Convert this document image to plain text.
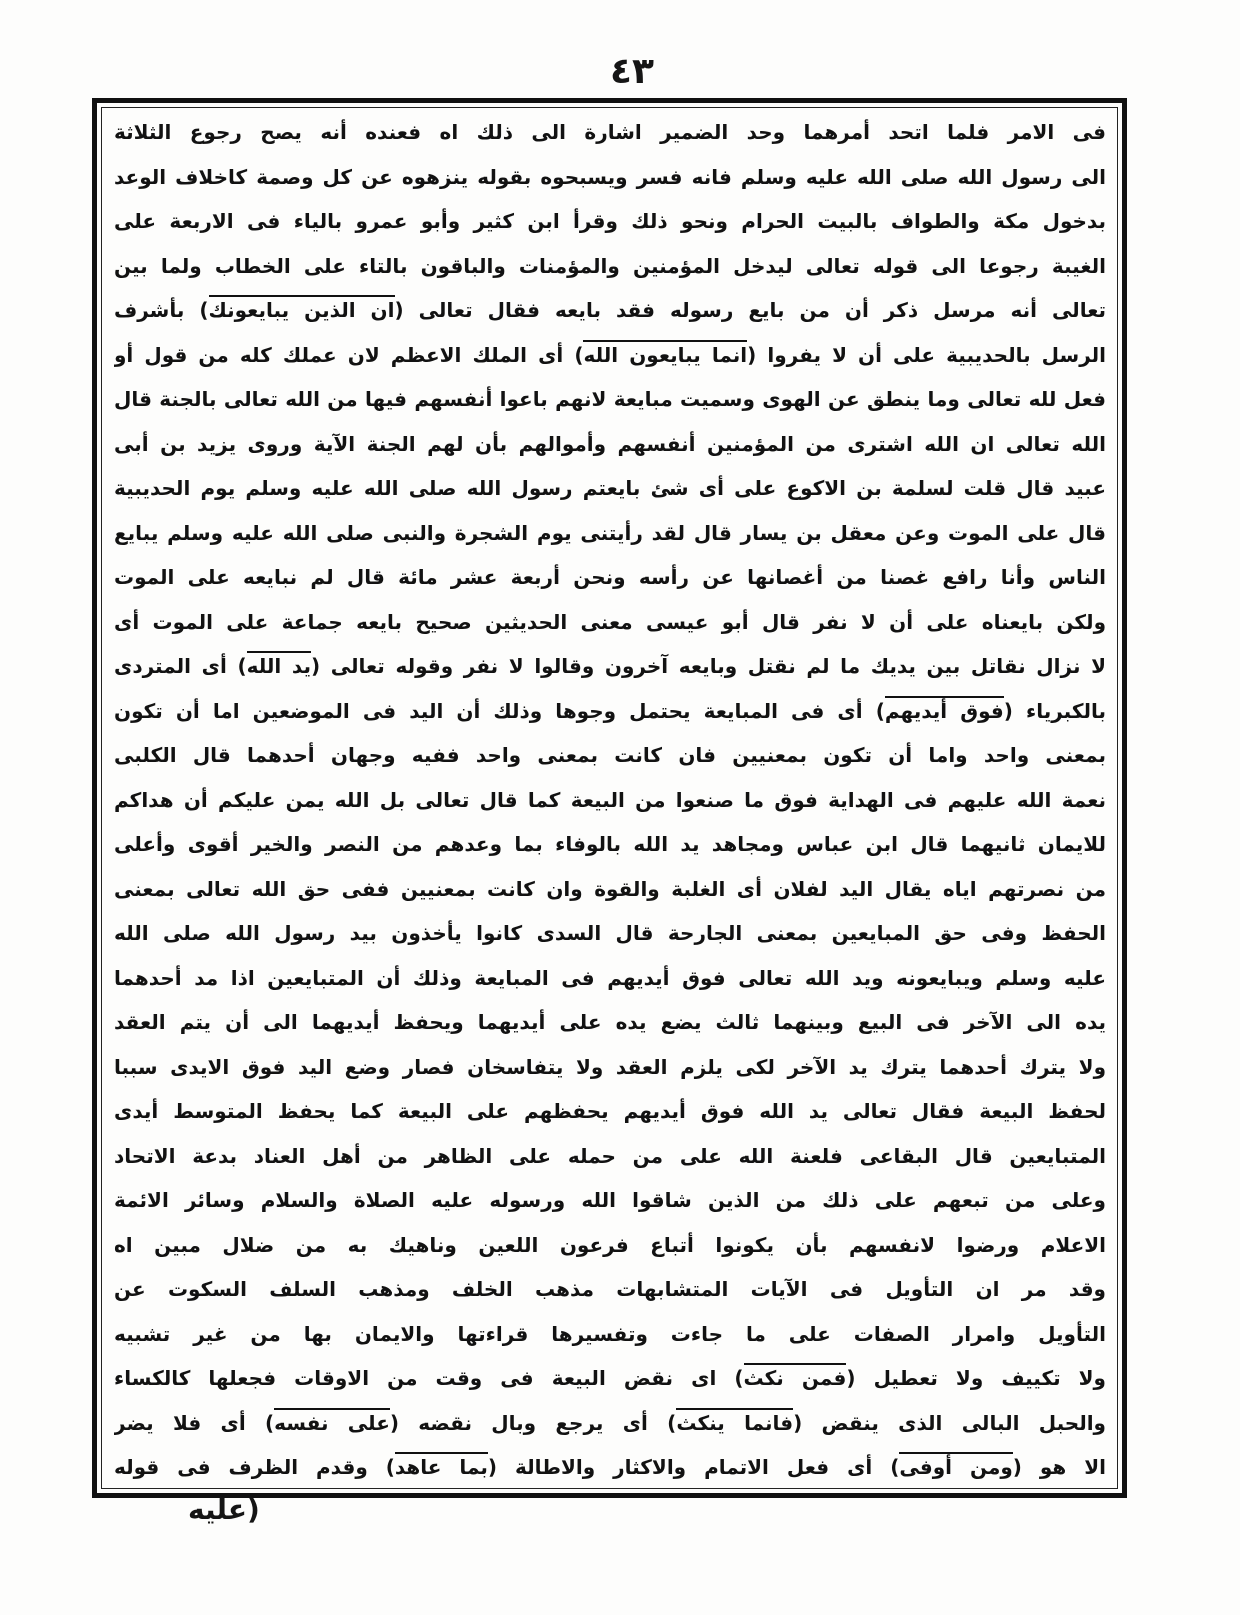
٤٣
فى الامر فلما اتحد أمرهما وحد الضمير اشارة الى ذلك اه فعنده أنه يصح رجوع الثلاثة
الى رسول الله صلى الله عليه وسلم فانه فسر ويسبحوه بقوله ينزهوه عن كل وصمة كاخلاف الوعد
بدخول مكة والطواف بالبيت الحرام ونحو ذلك وقرأ ابن كثير وأبو عمرو بالياء فى الاربعة على
الغيبة رجوعا الى قوله تعالى ليدخل المؤمنين والمؤمنات والباقون بالتاء على الخطاب ولما بين
تعالى أنه مرسل ذكر أن من بايع رسوله فقد بايعه فقال تعالى (ان الذين يبايعونك) بأشرف
الرسل بالحديبية على أن لا يفروا (انما يبايعون الله) أى الملك الاعظم لان عملك كله من قول أو
فعل لله تعالى وما ينطق عن الهوى وسميت مبايعة لانهم باعوا أنفسهم فيها من الله تعالى بالجنة قال
الله تعالى ان الله اشترى من المؤمنين أنفسهم وأموالهم بأن لهم الجنة الآية وروى يزيد بن أبى
عبيد قال قلت لسلمة بن الاكوع على أى شئ بايعتم رسول الله صلى الله عليه وسلم يوم الحديبية
قال على الموت وعن معقل بن يسار قال لقد رأيتنى يوم الشجرة والنبى صلى الله عليه وسلم يبايع
الناس وأنا رافع غصنا من أغصانها عن رأسه ونحن أربعة عشر مائة قال لم نبايعه على الموت
ولكن بايعناه على أن لا نفر قال أبو عيسى معنى الحديثين صحيح بايعه جماعة على الموت أى
لا نزال نقاتل بين يديك ما لم نقتل وبايعه آخرون وقالوا لا نفر وقوله تعالى (يد الله) أى المتردى
بالكبرياء (فوق أيديهم) أى فى المبايعة يحتمل وجوها وذلك أن اليد فى الموضعين اما أن تكون
بمعنى واحد واما أن تكون بمعنيين فان كانت بمعنى واحد ففيه وجهان أحدهما قال الكلبى
نعمة الله عليهم فى الهداية فوق ما صنعوا من البيعة كما قال تعالى بل الله يمن عليكم أن هداكم
للايمان ثانيهما قال ابن عباس ومجاهد يد الله بالوفاء بما وعدهم من النصر والخير أقوى وأعلى
من نصرتهم اياه يقال اليد لفلان أى الغلبة والقوة وان كانت بمعنيين ففى حق الله تعالى بمعنى
الحفظ وفى حق المبايعين بمعنى الجارحة قال السدى كانوا يأخذون بيد رسول الله صلى الله
عليه وسلم ويبايعونه ويد الله تعالى فوق أيديهم فى المبايعة وذلك أن المتبايعين اذا مد أحدهما
يده الى الآخر فى البيع وبينهما ثالث يضع يده على أيديهما ويحفظ أيديهما الى أن يتم العقد
ولا يترك أحدهما يترك يد الآخر لكى يلزم العقد ولا يتفاسخان فصار وضع اليد فوق الايدى سببا
لحفظ البيعة فقال تعالى يد الله فوق أيديهم يحفظهم على البيعة كما يحفظ المتوسط أيدى
المتبايعين قال البقاعى فلعنة الله على من حمله على الظاهر من أهل العناد بدعة الاتحاد
وعلى من تبعهم على ذلك من الذين شاقوا الله ورسوله عليه الصلاة والسلام وسائر الائمة
الاعلام ورضوا لانفسهم بأن يكونوا أتباع فرعون اللعين وناهيك به من ضلال مبين اه
وقد مر ان التأويل فى الآيات المتشابهات مذهب الخلف ومذهب السلف السكوت عن
التأويل وامرار الصفات على ما جاءت وتفسيرها قراءتها والايمان بها من غير تشبيه
ولا تكييف ولا تعطيل (فمن نكث) اى نقض البيعة فى وقت من الاوقات فجعلها كالكساء
والحبل البالى الذى ينقض (فانما ينكث) أى يرجع وبال نقضه (على نفسه) أى فلا يضر
الا هو (ومن أوفى) أى فعل الاتمام والاكثار والاطالة (بما عاهد) وقدم الظرف فى قوله
(عليه
